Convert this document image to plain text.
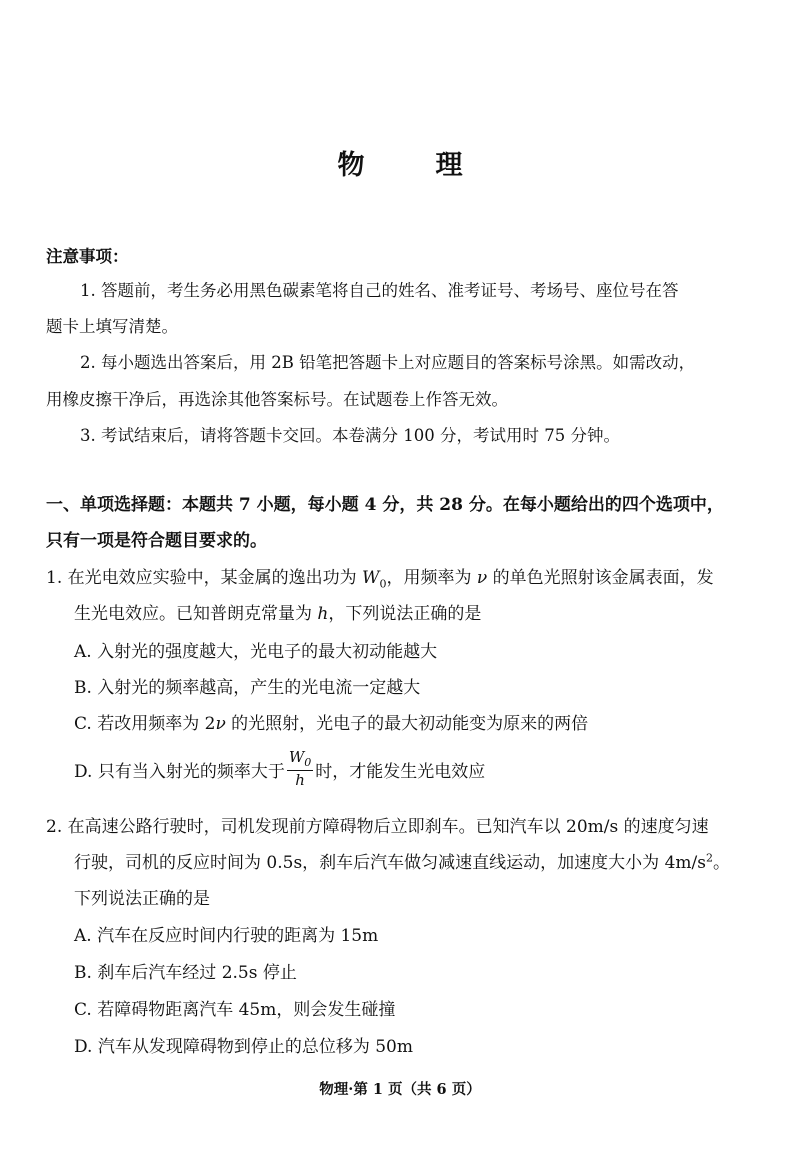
物　理
注意事项：
1. 答题前，考生务必用黑色碳素笔将自己的姓名、准考证号、考场号、座位号在答
题卡上填写清楚。
2. 每小题选出答案后，用 2B 铅笔把答题卡上对应题目的答案标号涂黑。如需改动，
用橡皮擦干净后，再选涂其他答案标号。在试题卷上作答无效。
3. 考试结束后，请将答题卡交回。本卷满分 100 分，考试用时 75 分钟。
一、单项选择题：本题共 7 小题，每小题 4 分，共 28 分。在每小题给出的四个选项中，
只有一项是符合题目要求的。
1. 在光电效应实验中，某金属的逸出功为 $W_0$，用频率为 ν 的单色光照射该金属表面，发
生光电效应。已知普朗克常量为 h，下列说法正确的是
A. 入射光的强度越大，光电子的最大初动能越大
B. 入射光的频率越高，产生的光电流一定越大
C. 若改用频率为 2ν 的光照射，光电子的最大初动能变为原来的两倍
D. 只有当入射光的频率大于 $\frac{W_0}{h}$ 时，才能发生光电效应
2. 在高速公路行驶时，司机发现前方障碍物后立即刹车。已知汽车以 20m/s 的速度匀速
行驶，司机的反应时间为 0.5s，刹车后汽车做匀减速直线运动，加速度大小为 $4m/s^2$。
下列说法正确的是
A. 汽车在反应时间内行驶的距离为 15m
B. 刹车后汽车经过 2.5s 停止
C. 若障碍物距离汽车 45m，则会发生碰撞
D. 汽车从发现障碍物到停止的总位移为 50m
物理·第 1 页（共 6 页）
